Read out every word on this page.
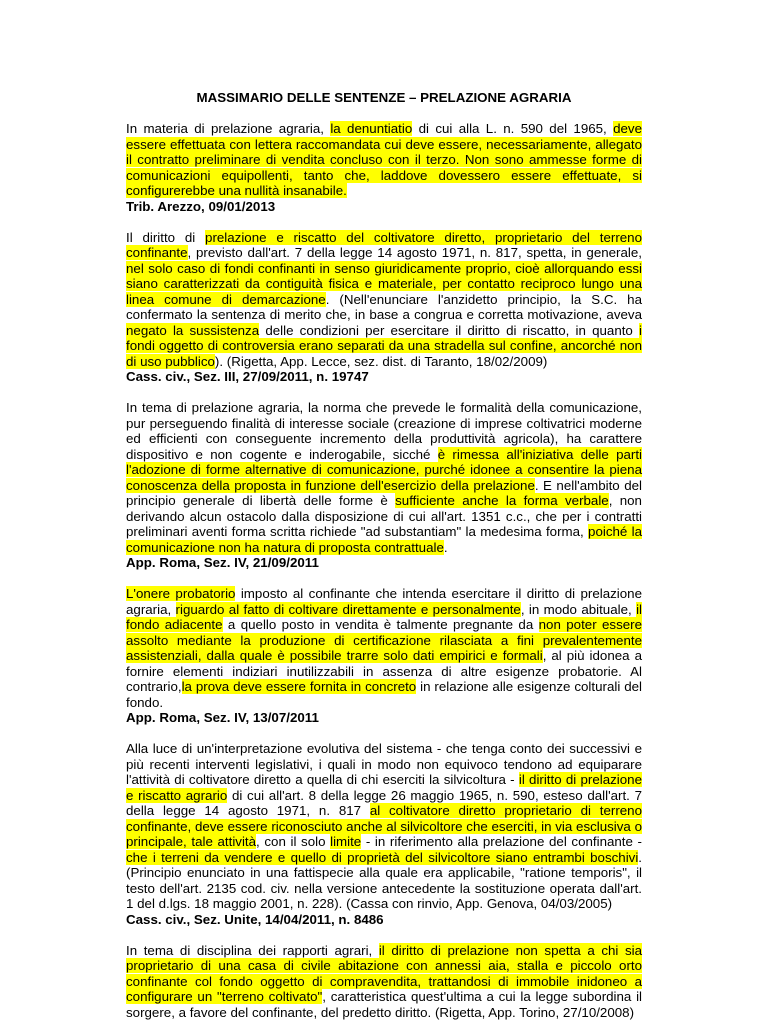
MASSIMARIO DELLE SENTENZE – PRELAZIONE AGRARIA

In materia di prelazione agraria, la denuntiatio di cui alla L. n. 590 del 1965, deve essere effettuata con lettera raccomandata cui deve essere, necessariamente, allegato il contratto preliminare di vendita concluso con il terzo. Non sono ammesse forme di comunicazioni equipollenti, tanto che, laddove dovessero essere effettuate, si configurerebbe una nullità insanabile.
Trib. Arezzo, 09/01/2013

Il diritto di prelazione e riscatto del coltivatore diretto, proprietario del terreno confinante, previsto dall'art. 7 della legge 14 agosto 1971, n. 817, spetta, in generale, nel solo caso di fondi confinanti in senso giuridicamente proprio, cioè allorquando essi siano caratterizzati da contiguità fisica e materiale, per contatto reciproco lungo una linea comune di demarcazione. (Nell'enunciare l'anzidetto principio, la S.C. ha confermato la sentenza di merito che, in base a congrua e corretta motivazione, aveva negato la sussistenza delle condizioni per esercitare il diritto di riscatto, in quanto i fondi oggetto di controversia erano separati da una stradella sul confine, ancorché non di uso pubblico). (Rigetta, App. Lecce, sez. dist. di Taranto, 18/02/2009)
Cass. civ., Sez. III, 27/09/2011, n. 19747

In tema di prelazione agraria, la norma che prevede le formalità della comunicazione, pur perseguendo finalità di interesse sociale (creazione di imprese coltivatrici moderne ed efficienti con conseguente incremento della produttività agricola), ha carattere dispositivo e non cogente e inderogabile, sicché è rimessa all'iniziativa delle parti l'adozione di forme alternative di comunicazione, purché idonee a consentire la piena conoscenza della proposta in funzione dell'esercizio della prelazione. E nell'ambito del principio generale di libertà delle forme è sufficiente anche la forma verbale, non derivando alcun ostacolo dalla disposizione di cui all'art. 1351 c.c., che per i contratti preliminari aventi forma scritta richiede "ad substantiam" la medesima forma, poiché la comunicazione non ha natura di proposta contrattuale.
App. Roma, Sez. IV, 21/09/2011

L'onere probatorio imposto al confinante che intenda esercitare il diritto di prelazione agraria, riguardo al fatto di coltivare direttamente e personalmente, in modo abituale, il fondo adiacente a quello posto in vendita è talmente pregnante da non poter essere assolto mediante la produzione di certificazione rilasciata a fini prevalentemente assistenziali, dalla quale è possibile trarre solo dati empirici e formali, al più idonea a fornire elementi indiziari inutilizzabili in assenza di altre esigenze probatorie. Al contrario,la prova deve essere fornita in concreto in relazione alle esigenze colturali del fondo.
App. Roma, Sez. IV, 13/07/2011

Alla luce di un'interpretazione evolutiva del sistema - che tenga conto dei successivi e più recenti interventi legislativi, i quali in modo non equivoco tendono ad equiparare l'attività di coltivatore diretto a quella di chi eserciti la silvicoltura - il diritto di prelazione e riscatto agrario di cui all'art. 8 della legge 26 maggio 1965, n. 590, esteso dall'art. 7 della legge 14 agosto 1971, n. 817 al coltivatore diretto proprietario di terreno confinante, deve essere riconosciuto anche al silvicoltore che eserciti, in via esclusiva o principale, tale attività, con il solo limite - in riferimento alla prelazione del confinante - che i terreni da vendere e quello di proprietà del silvicoltore siano entrambi boschivi. (Principio enunciato in una fattispecie alla quale era applicabile, "ratione temporis", il testo dell'art. 2135 cod. civ. nella versione antecedente la sostituzione operata dall'art. 1 del d.lgs. 18 maggio 2001, n. 228). (Cassa con rinvio, App. Genova, 04/03/2005)
Cass. civ., Sez. Unite, 14/04/2011, n. 8486

In tema di disciplina dei rapporti agrari, il diritto di prelazione non spetta a chi sia proprietario di una casa di civile abitazione con annessi aia, stalla e piccolo orto confinante col fondo oggetto di compravendita, trattandosi di immobile inidoneo a configurare un "terreno coltivato", caratteristica quest'ultima a cui la legge subordina il sorgere, a favore del confinante, del predetto diritto. (Rigetta, App. Torino, 27/10/2008)
